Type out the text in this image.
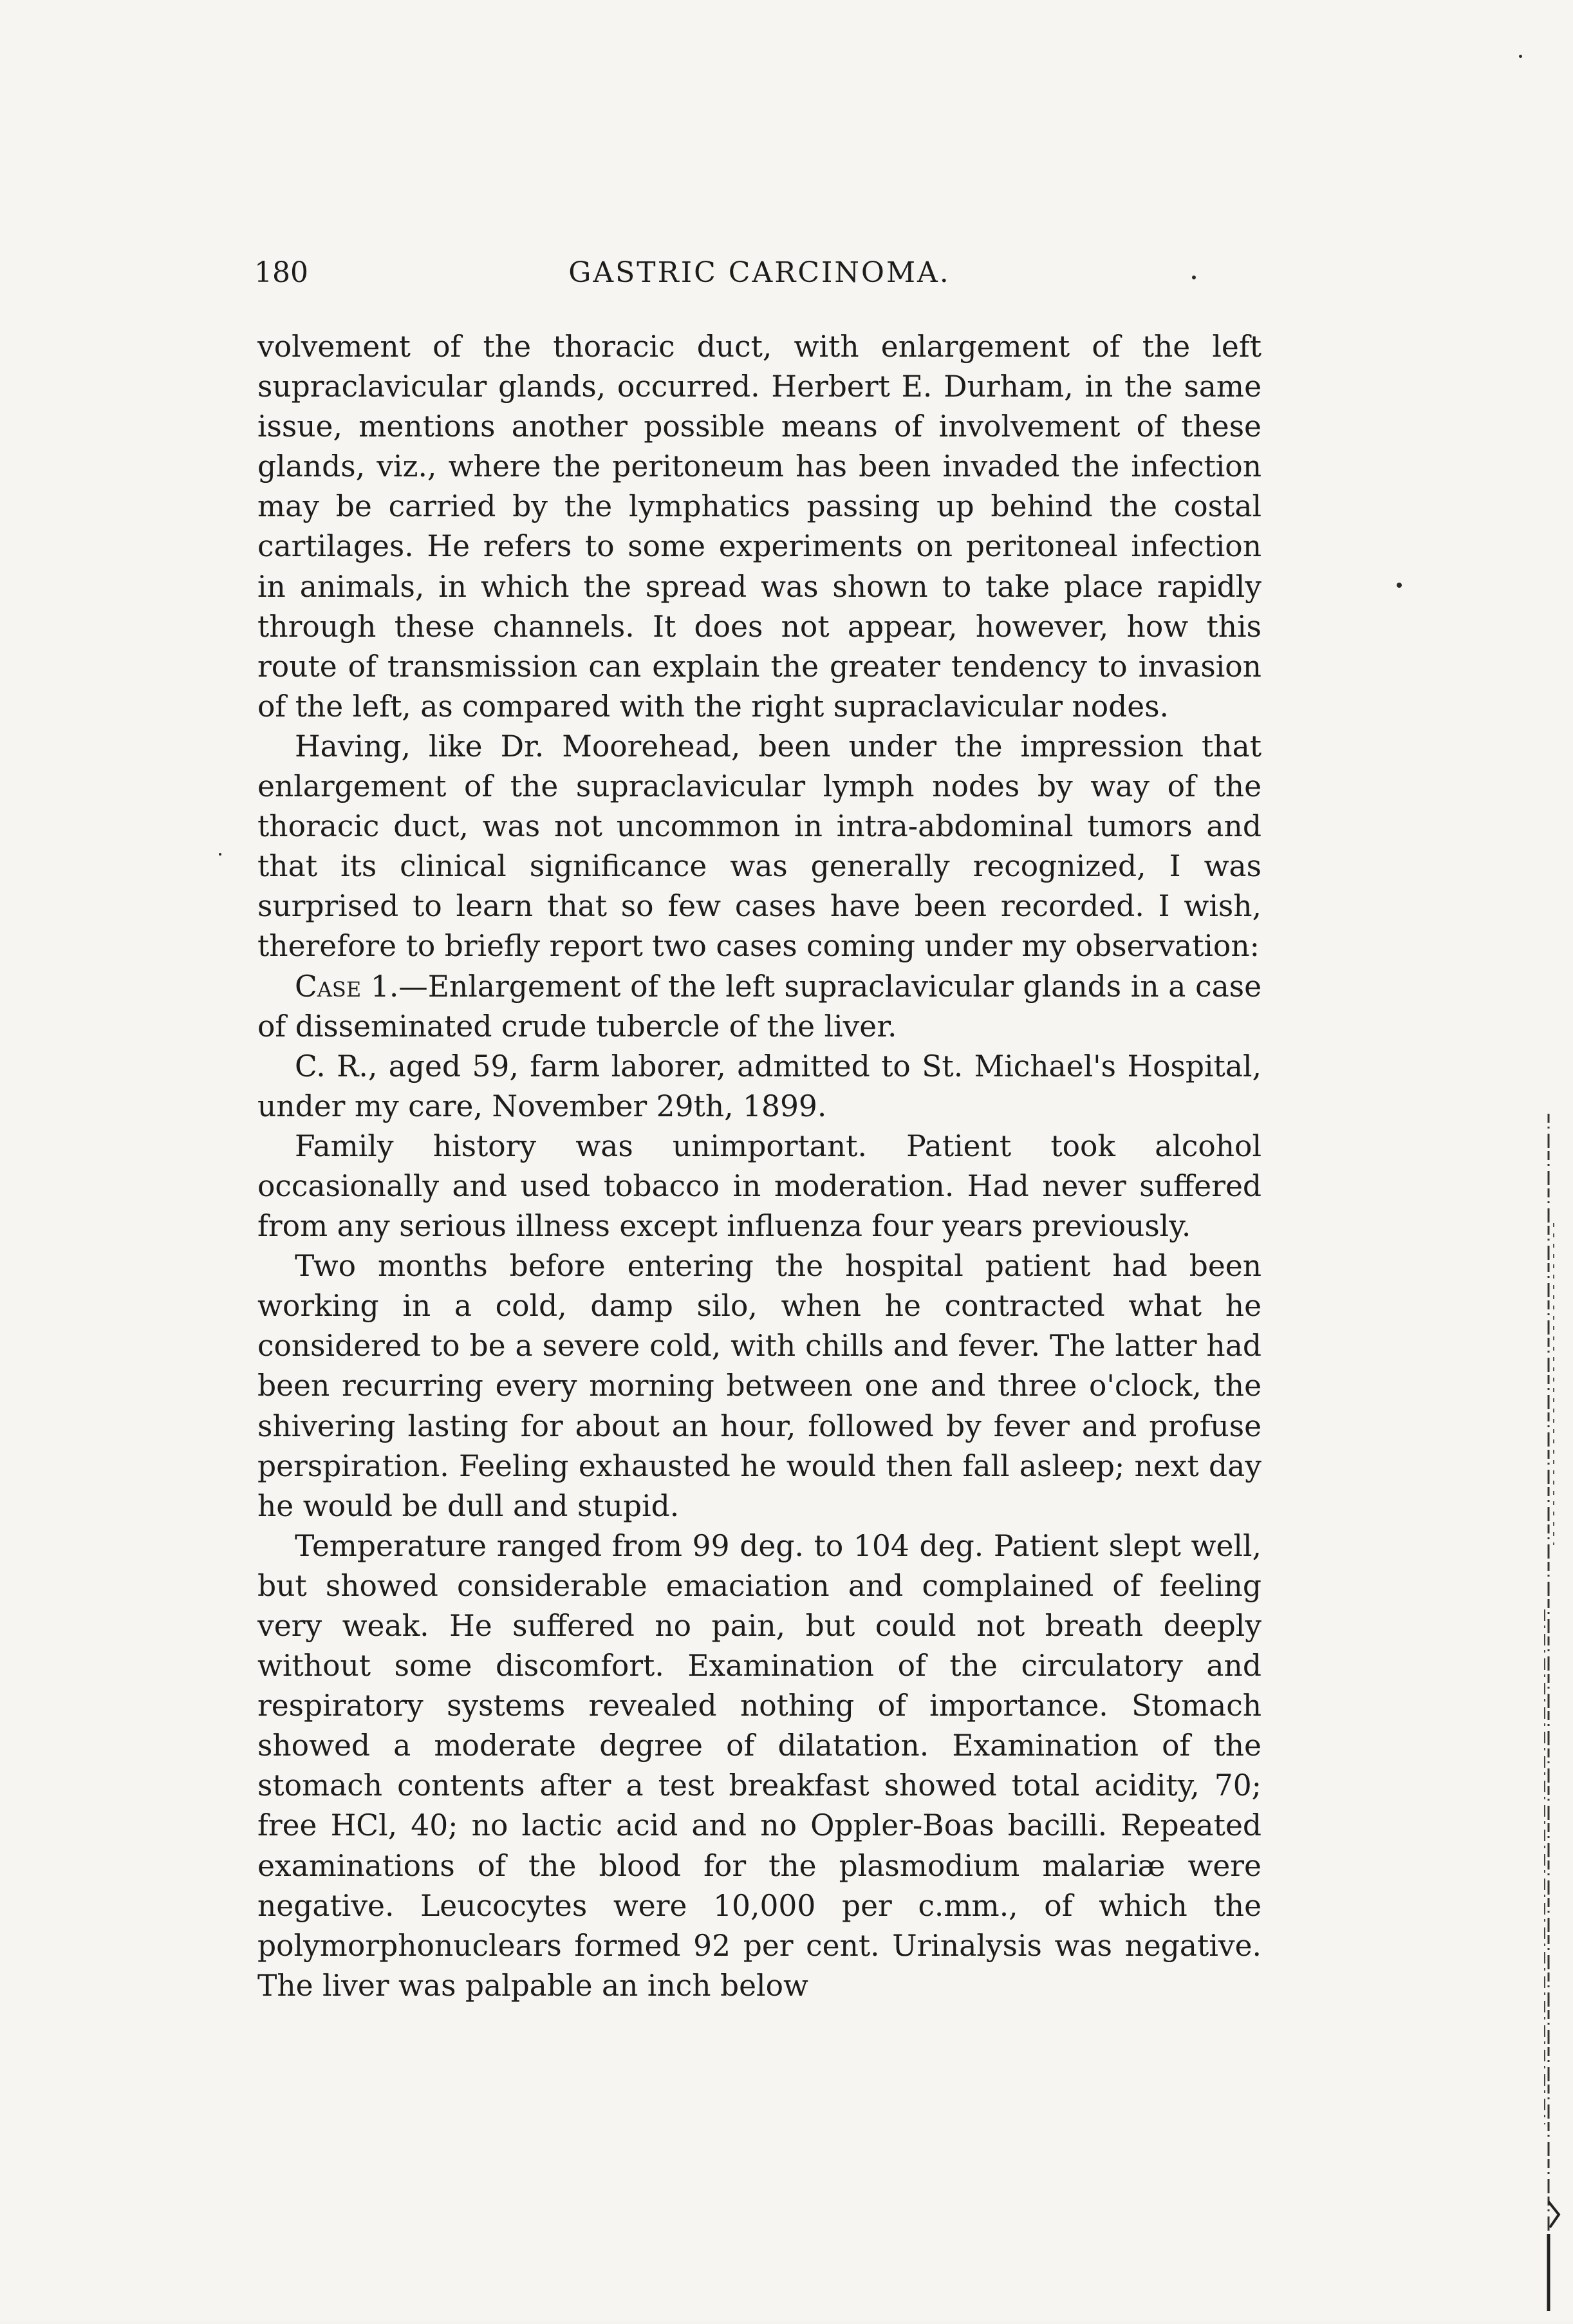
180	GASTRIC CARCINOMA.

volvement of the thoracic duct, with enlargement of the left supraclavicular glands, occurred. Herbert E. Durham, in the same issue, mentions another possible means of involvement of these glands, viz., where the peritoneum has been invaded the infection may be carried by the lymphatics passing up behind the costal cartilages. He refers to some experiments on peritoneal infection in animals, in which the spread was shown to take place rapidly through these channels. It does not appear, however, how this route of transmission can explain the greater tendency to invasion of the left, as compared with the right supraclavicular nodes.

Having, like Dr. Moorehead, been under the impression that enlargement of the supraclavicular lymph nodes by way of the thoracic duct, was not uncommon in intra-abdominal tumors and that its clinical significance was generally recognized, I was surprised to learn that so few cases have been recorded. I wish, therefore to briefly report two cases coming under my observation:

Case 1.—Enlargement of the left supraclavicular glands in a case of disseminated crude tubercle of the liver.

C. R., aged 59, farm laborer, admitted to St. Michael's Hospital, under my care, November 29th, 1899.

Family history was unimportant. Patient took alcohol occasionally and used tobacco in moderation. Had never suffered from any serious illness except influenza four years previously.

Two months before entering the hospital patient had been working in a cold, damp silo, when he contracted what he considered to be a severe cold, with chills and fever. The latter had been recurring every morning between one and three o'clock, the shivering lasting for about an hour, followed by fever and profuse perspiration. Feeling exhausted he would then fall asleep; next day he would be dull and stupid.

Temperature ranged from 99 deg. to 104 deg. Patient slept well, but showed considerable emaciation and complained of feeling very weak. He suffered no pain, but could not breath deeply without some discomfort. Examination of the circulatory and respiratory systems revealed nothing of importance. Stomach showed a moderate degree of dilatation. Examination of the stomach contents after a test breakfast showed total acidity, 70; free HCl, 40; no lactic acid and no Oppler-Boas bacilli. Repeated examinations of the blood for the plasmodium malariæ were negative. Leucocytes were 10,000 per c.mm., of which the polymorphonuclears formed 92 per cent. Urinalysis was negative. The liver was palpable an inch below
